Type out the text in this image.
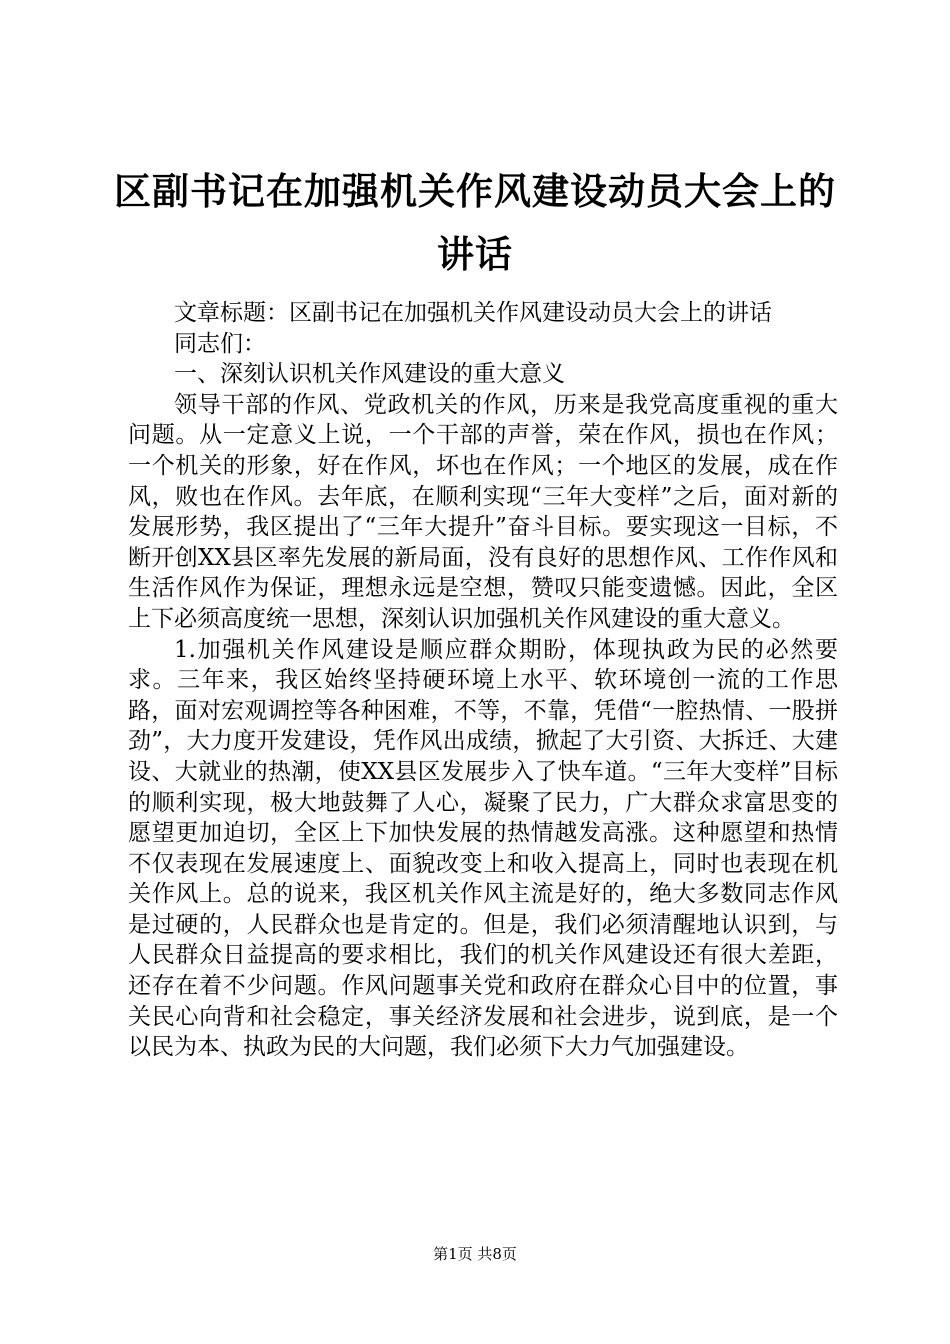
区副书记在加强机关作风建设动员大会上的讲话

文章标题：区副书记在加强机关作风建设动员大会上的讲话

同志们：

一、深刻认识机关作风建设的重大意义

领导干部的作风、党政机关的作风，历来是我党高度重视的重大问题。从一定意义上说，一个干部的声誉，荣在作风，损也在作风；一个机关的形象，好在作风，坏也在作风；一个地区的发展，成在作风，败也在作风。去年底，在顺利实现“三年大变样”之后，面对新的发展形势，我区提出了“三年大提升”奋斗目标。要实现这一目标，不断开创XX县区率先发展的新局面，没有良好的思想作风、工作作风和生活作风作为保证，理想永远是空想，赞叹只能变遗憾。因此，全区上下必须高度统一思想，深刻认识加强机关作风建设的重大意义。

1.加强机关作风建设是顺应群众期盼，体现执政为民的必然要求。三年来，我区始终坚持硬环境上水平、软环境创一流的工作思路，面对宏观调控等各种困难，不等，不靠，凭借“一腔热情、一股拼劲”，大力度开发建设，凭作风出成绩，掀起了大引资、大拆迁、大建设、大就业的热潮，使XX县区发展步入了快车道。“三年大变样”目标的顺利实现，极大地鼓舞了人心，凝聚了民力，广大群众求富思变的愿望更加迫切，全区上下加快发展的热情越发高涨。这种愿望和热情不仅表现在发展速度上、面貌改变上和收入提高上，同时也表现在机关作风上。总的说来，我区机关作风主流是好的，绝大多数同志作风是过硬的，人民群众也是肯定的。但是，我们必须清醒地认识到，与人民群众日益提高的要求相比，我们的机关作风建设还有很大差距，还存在着不少问题。作风问题事关党和政府在群众心目中的位置，事关民心向背和社会稳定，事关经济发展和社会进步，说到底，是一个以民为本、执政为民的大问题，我们必须下大力气加强建设。

第1页 共8页
